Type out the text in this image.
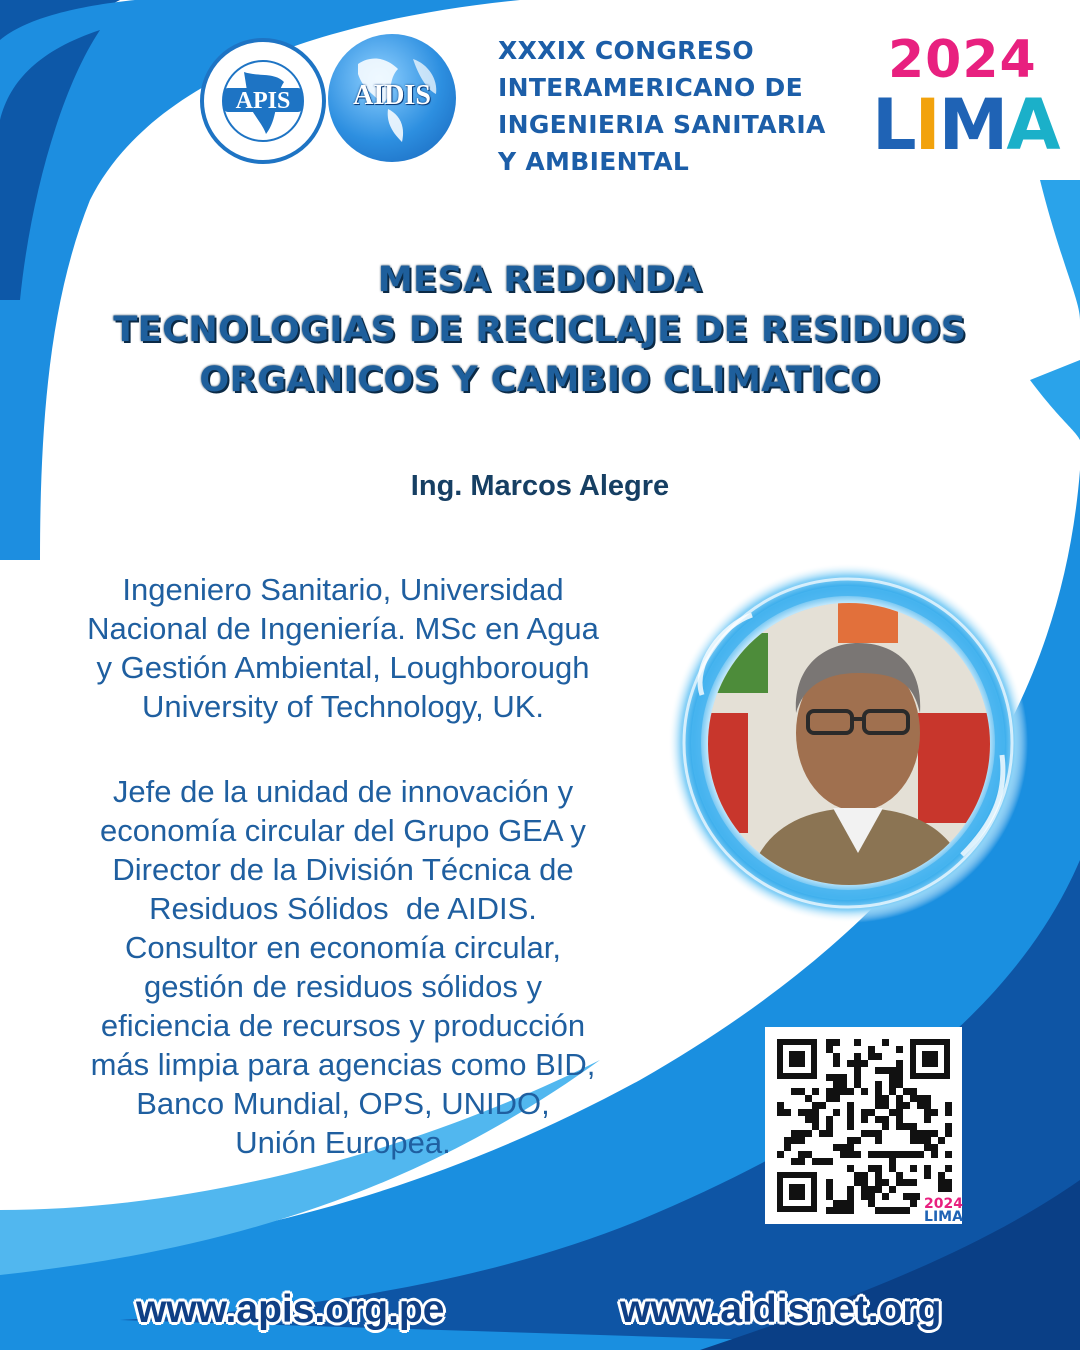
APIS	AIDIS
XXXIX CONGRESO
INTERAMERICANO DE
INGENIERIA SANITARIA
Y AMBIENTAL
2024
LIMA
MESA REDONDA
TECNOLOGIAS DE RECICLAJE DE RESIDUOS
ORGANICOS Y CAMBIO CLIMATICO
Ing. Marcos Alegre
Ingeniero Sanitario, Universidad
Nacional de Ingeniería. MSc en Agua
y Gestión Ambiental, Loughborough
University of Technology, UK.
Jefe de la unidad de innovación y
economía circular del Grupo GEA y
Director de la División Técnica de
Residuos Sólidos  de AIDIS.
Consultor en economía circular,
gestión de residuos sólidos y
eficiencia de recursos y producción
más limpia para agencias como BID,
Banco Mundial, OPS, UNIDO,
Unión Europea.
2024
LIMA
www.apis.org.pe	www.aidisnet.org
